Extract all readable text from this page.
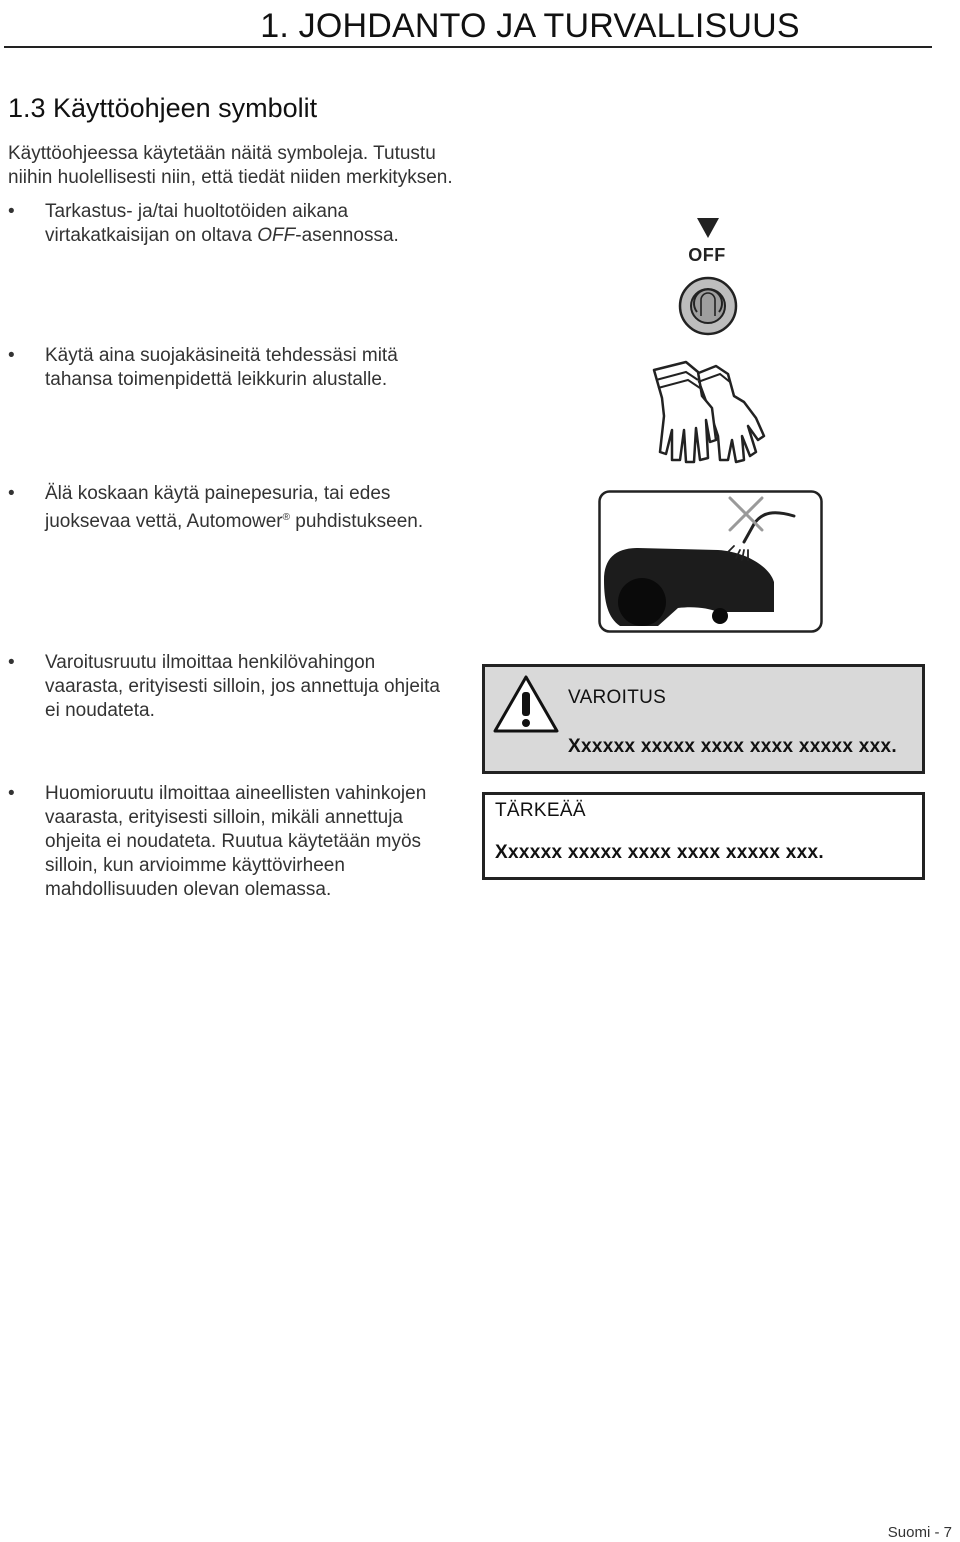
1. JOHDANTO JA TURVALLISUUS
1.3 Käyttöohjeen symbolit

Käyttöohjeessa käytetään näitä symboleja. Tutustu niihin huolellisesti niin, että tiedät niiden merkityksen.

•	Tarkastus- ja/tai huoltotöiden aikana virtakatkaisijan on oltava OFF-asennossa.
OFF
•	Käytä aina suojakäsineitä tehdessäsi mitä tahansa toimenpidettä leikkurin alustalle.
•	Älä koskaan käytä painepesuria, tai edes juoksevaa vettä, Automower® puhdistukseen.
•	Varoitusruutu ilmoittaa henkilövahingon vaarasta, erityisesti silloin, jos annettuja ohjeita ei noudateta.
VAROITUS
Xxxxxx xxxxx xxxx xxxx xxxxx xxx.
•	Huomioruutu ilmoittaa aineellisten vahinkojen vaarasta, erityisesti silloin, mikäli annettuja ohjeita ei noudateta. Ruutua käytetään myös silloin, kun arvioimme käyttövirheen mahdollisuuden olevan olemassa.
TÄRKEÄÄ
Xxxxxx xxxxx xxxx xxxx xxxxx xxx.
Suomi - 7
